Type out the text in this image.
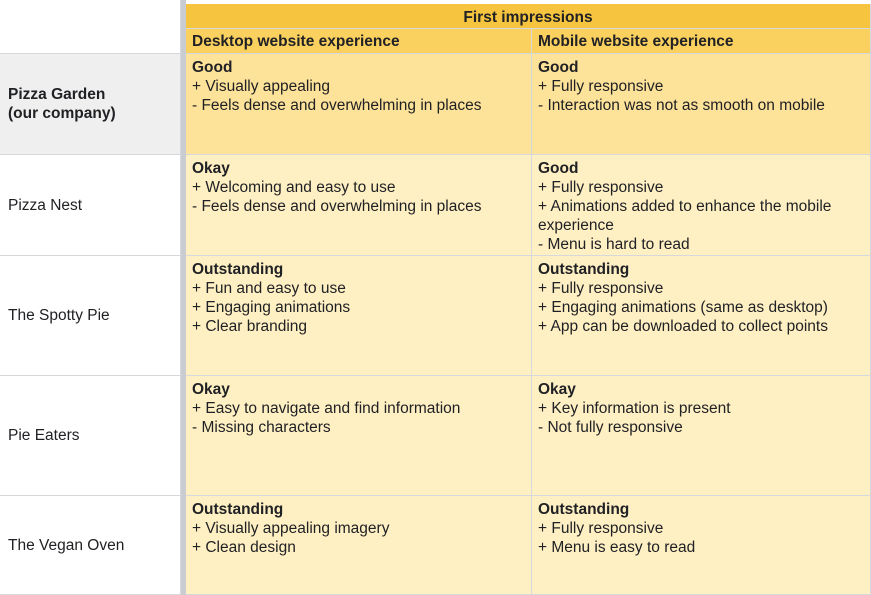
First impressions
Desktop website experience	Mobile website experience
Pizza Garden
(our company)
Good
+ Visually appealing
- Feels dense and overwhelming in places
Good
+ Fully responsive
- Interaction was not as smooth on mobile
Pizza Nest
Okay
+ Welcoming and easy to use
- Feels dense and overwhelming in places
Good
+ Fully responsive
+ Animations added to enhance the mobile
experience
- Menu is hard to read
The Spotty Pie
Outstanding
+ Fun and easy to use
+ Engaging animations
+ Clear branding
Outstanding
+ Fully responsive
+ Engaging animations (same as desktop)
+ App can be downloaded to collect points
Pie Eaters
Okay
+ Easy to navigate and find information
- Missing characters
Okay
+ Key information is present
- Not fully responsive
The Vegan Oven
Outstanding
+ Visually appealing imagery
+ Clean design
Outstanding
+ Fully responsive
+ Menu is easy to read
